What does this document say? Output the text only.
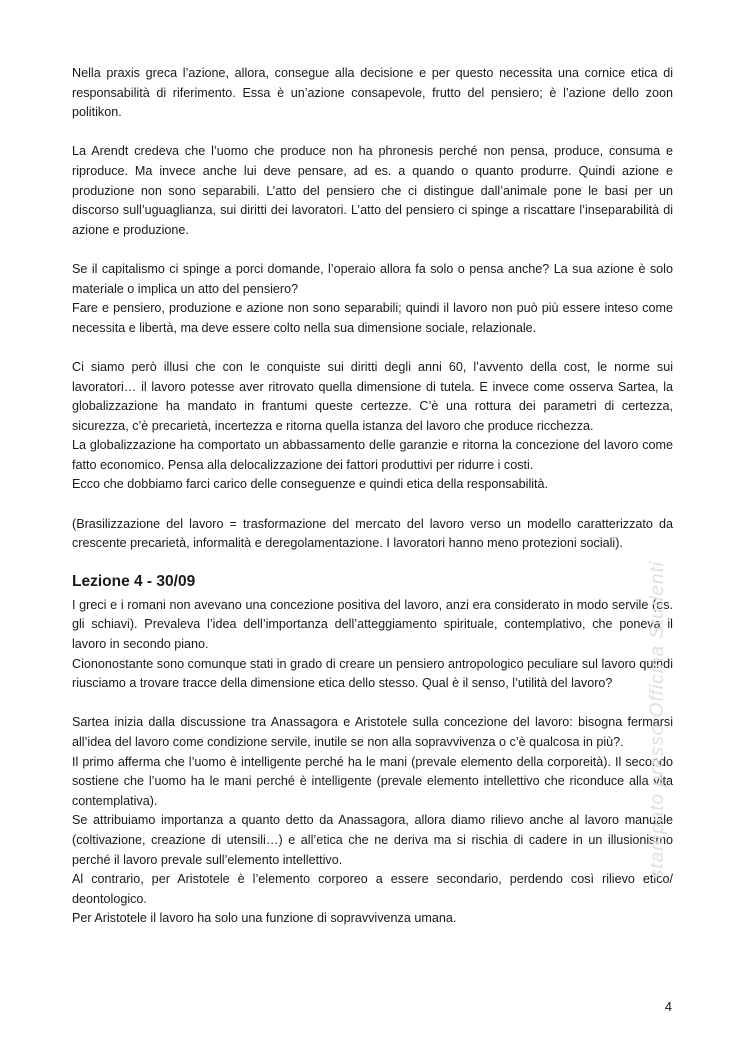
Nella praxis greca l’azione, allora, consegue alla decisione e per questo necessita una cornice etica di responsabilità di riferimento. Essa è un’azione consapevole, frutto del pensiero; è l’azione dello zoon politikon.

La Arendt credeva che l’uomo che produce non ha phronesis perché non pensa, produce, consuma e riproduce. Ma invece anche lui deve pensare, ad es. a quando o quanto produrre. Quindi azione e produzione non sono separabili. L’atto del pensiero che ci distingue dall’animale pone le basi per un discorso sull’uguaglianza, sui diritti dei lavoratori. L’atto del pensiero ci spinge a riscattare l’inseparabilità di azione e produzione.

Se il capitalismo ci spinge a porci domande, l’operaio allora fa solo o pensa anche? La sua azione è solo materiale o implica un atto del pensiero?

Fare e pensiero, produzione e azione non sono separabili; quindi il lavoro non può più essere inteso come necessita e libertà, ma deve essere colto nella sua dimensione sociale, relazionale.

Ci siamo però illusi che con le conquiste sui diritti degli anni 60, l’avvento della cost, le norme sui lavoratori… il lavoro potesse aver ritrovato quella dimensione di tutela. E invece come osserva Sartea, la globalizzazione ha mandato in frantumi queste certezze. C’è una rottura dei parametri di certezza, sicurezza, c’è precarietà, incertezza e ritorna quella istanza del lavoro che produce ricchezza.

La globalizzazione ha comportato un abbassamento delle garanzie e ritorna la concezione del lavoro come fatto economico. Pensa alla delocalizzazione dei fattori produttivi per ridurre i costi.

Ecco che dobbiamo farci carico delle conseguenze e quindi etica della responsabilità.

(Brasilizzazione del lavoro = trasformazione del mercato del lavoro verso un modello caratterizzato da crescente precarietà, informalità e deregolamentazione. I lavoratori hanno meno protezioni sociali).

Lezione 4 - 30/09

I greci e i romani non avevano una concezione positiva del lavoro, anzi era considerato in modo servile (es. gli schiavi). Prevaleva l’idea dell’importanza dell’atteggiamento spirituale, contemplativo, che poneva il lavoro in secondo piano.

Ciononostante sono comunque stati in grado di creare un pensiero antropologico peculiare sul lavoro quindi riusciamo a trovare tracce della dimensione etica dello stesso. Qual è il senso, l’utilità del lavoro?

Sartea inizia dalla discussione tra Anassagora e Aristotele sulla concezione del lavoro: bisogna fermarsi all’idea del lavoro come condizione servile, inutile se non alla sopravvivenza o c’è qualcosa in più?.

Il primo afferma che l’uomo è intelligente perché ha le mani (prevale elemento della corporeità). Il secondo sostiene che l’uomo ha le mani perché è intelligente (prevale elemento intellettivo che riconduce alla vita contemplativa).

Se attribuiamo importanza a quanto detto da Anassagora, allora diamo rilievo anche al lavoro manuale (coltivazione, creazione di utensili…) e all’etica che ne deriva ma si rischia di cadere in un illusionismo perché il lavoro prevale sull’elemento intellettivo.

Al contrario, per Aristotele è l’elemento corporeo a essere secondario, perdendo così rilievo etico/ deontologico.

Per Aristotele il lavoro ha solo una funzione di sopravvivenza umana.

stampato presso Officina Studenti
4
